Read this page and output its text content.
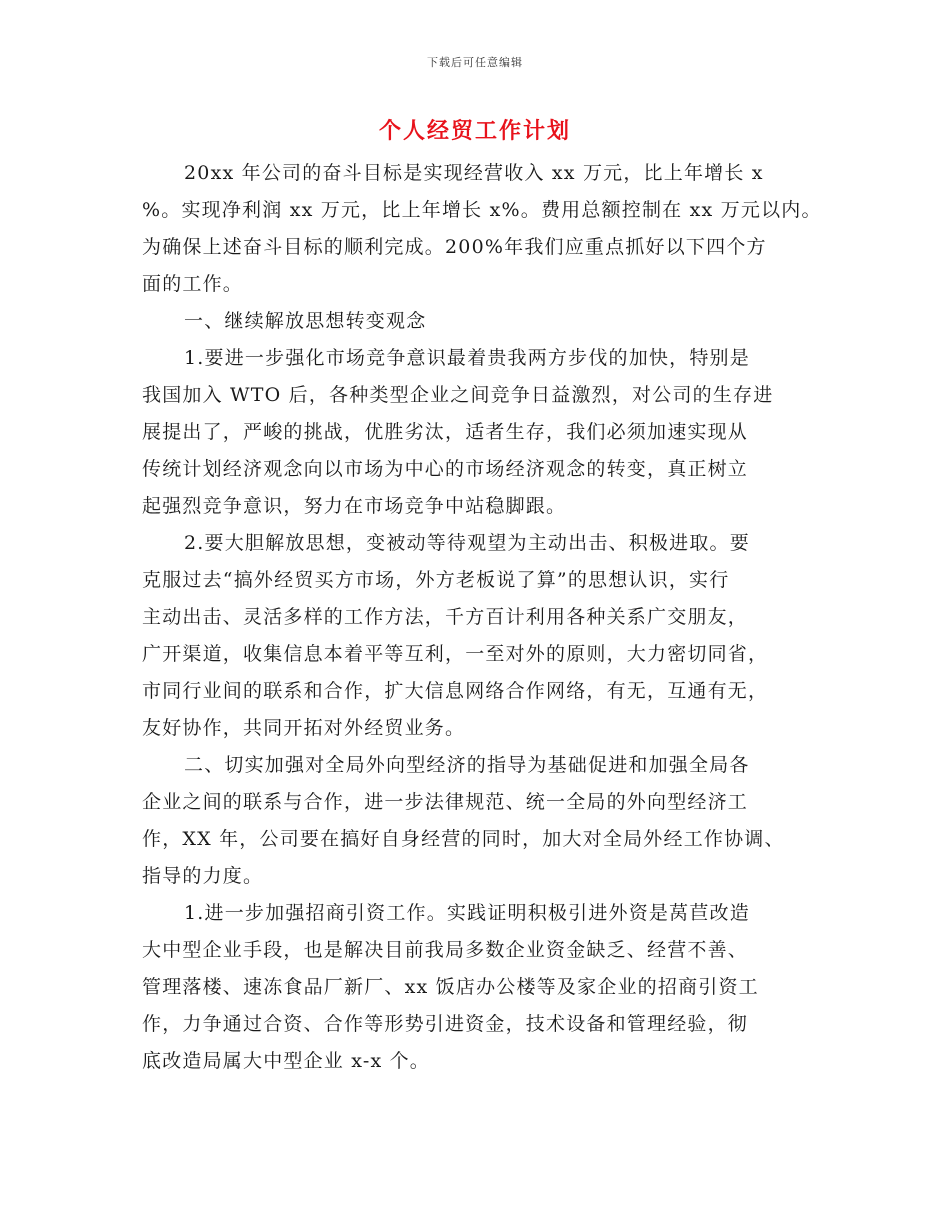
下载后可任意编辑
个人经贸工作计划
20xx 年公司的奋斗目标是实现经营收入 xx 万元，比上年增长 x
%。实现净利润 xx 万元，比上年增长 x%。费用总额控制在 xx 万元以内。
为确保上述奋斗目标的顺利完成。200%年我们应重点抓好以下四个方
面的工作。
一、继续解放思想转变观念
1.要进一步强化市场竞争意识最着贵我两方步伐的加快，特别是
我国加入 WTO 后，各种类型企业之间竞争日益激烈，对公司的生存进
展提出了，严峻的挑战，优胜劣汰，适者生存，我们必须加速实现从
传统计划经济观念向以市场为中心的市场经济观念的转变，真正树立
起强烈竞争意识，努力在市场竞争中站稳脚跟。
2.要大胆解放思想，变被动等待观望为主动出击、积极进取。要
克服过去“搞外经贸买方市场，外方老板说了算”的思想认识，实行
主动出击、灵活多样的工作方法，千方百计利用各种关系广交朋友，
广开渠道，收集信息本着平等互利，一至对外的原则，大力密切同省，
市同行业间的联系和合作，扩大信息网络合作网络，有无，互通有无，
友好协作，共同开拓对外经贸业务。
二、切实加强对全局外向型经济的指导为基础促进和加强全局各
企业之间的联系与合作，进一步法律规范、统一全局的外向型经济工
作，XX 年，公司要在搞好自身经营的同时，加大对全局外经工作协调、
指导的力度。
1.进一步加强招商引资工作。实践证明积极引进外资是莴苣改造
大中型企业手段，也是解决目前我局多数企业资金缺乏、经营不善、
管理落楼、速冻食品厂新厂、xx 饭店办公楼等及家企业的招商引资工
作，力争通过合资、合作等形势引进资金，技术设备和管理经验，彻
底改造局属大中型企业 x-x 个。
